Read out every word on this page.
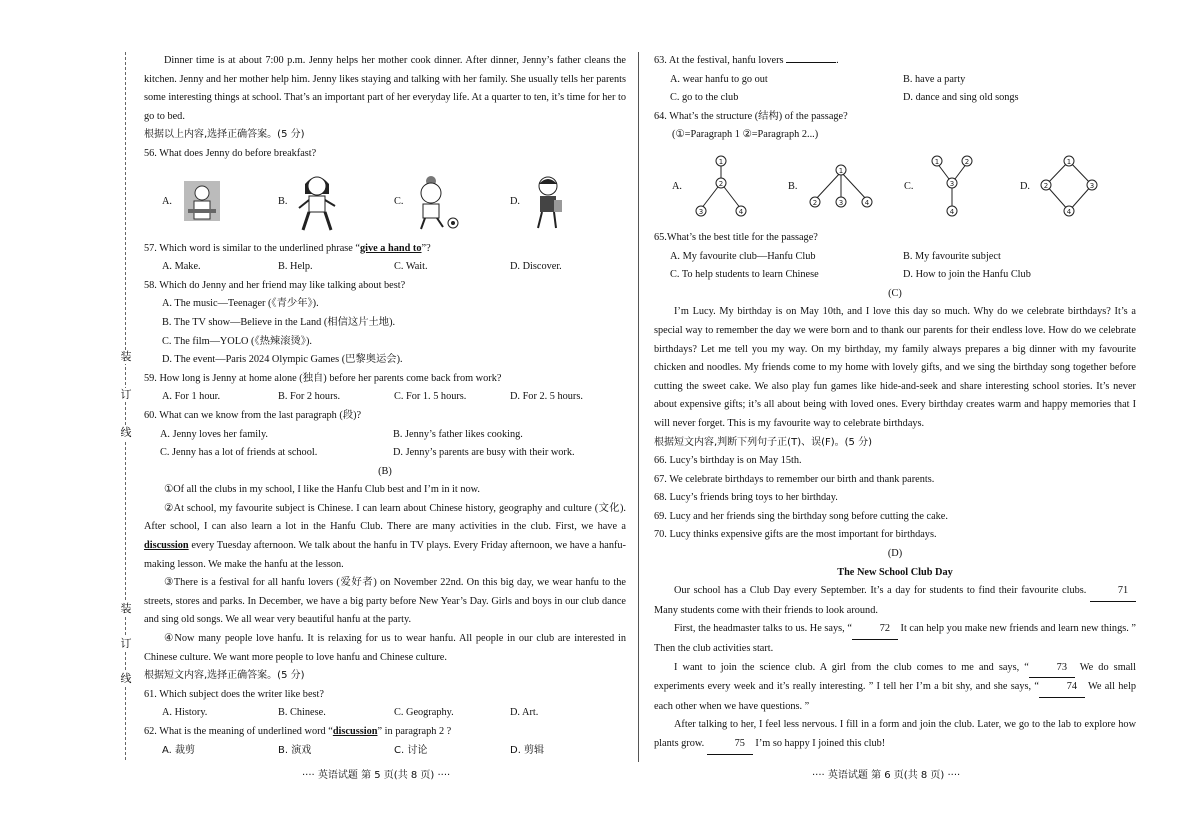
装
订
线
装
订
线

Dinner time is at about 7:00 p.m. Jenny helps her mother cook dinner. After dinner, Jenny’s father cleans the kitchen. Jenny and her mother help him. Jenny likes staying and talking with her family. She usually tells her parents some interesting things at school. That’s an important part of her everyday life. At a quarter to ten, it’s time for her to go to bed.

根据以上内容,选择正确答案。(5 分)

56. What does Jenny do before breakfast?

A.	B.	C.	D.

57. Which word is similar to the underlined phrase “give a hand to”?

A. Make.	B. Help.	C. Wait.	D. Discover.

58. Which do Jenny and her friend may like talking about best?

A. The music—Teenager (《青少年》).

B. The TV show—Believe in the Land (相信这片土地).

C. The film—YOLO (《热辣滚烫》).

D. The event—Paris 2024 Olympic Games (巴黎奥运会).

59. How long is Jenny at home alone (独自) before her parents come back from work?

A. For 1 hour.	B. For 2 hours.	C. For 1. 5 hours.	D. For 2. 5 hours.

60. What can we know from the last paragraph (段)?

A. Jenny loves her family.	B. Jenny’s father likes cooking.
C. Jenny has a lot of friends at school.	D. Jenny’s parents are busy with their work.

(B)

①Of all the clubs in my school, I like the Hanfu Club best and I’m in it now.

②At school, my favourite subject is Chinese. I can learn about Chinese history, geography and culture (文化). After school, I can also learn a lot in the Hanfu Club. There are many activities in the club. First, we have a discussion every Tuesday afternoon. We talk about the hanfu in TV plays. Every Friday afternoon, we have a hanfu-making lesson. We make the hanfu at the lesson.

③There is a festival for all hanfu lovers (爱好者) on November 22nd. On this big day, we wear hanfu to the streets, stores and parks. In December, we have a big party before New Year’s Day. Girls and boys in our club dance and sing old songs. We all wear very beautiful hanfu at the party.

④Now many people love hanfu. It is relaxing for us to wear hanfu. All people in our club are interested in Chinese culture. We want more people to love hanfu and Chinese culture.

根据短文内容,选择正确答案。(5 分)

61. Which subject does the writer like best?

A. History.	B. Chinese.	C. Geography.	D. Art.

62. What is the meaning of underlined word “discussion” in paragraph 2 ?

A. 裁剪	B. 演戏	C. 讨论	D. 剪辑

63. At the festival, hanfu lovers	.

A. wear hanfu to go out	B. have a party
C. go to the club	D. dance and sing old songs

64. What’s the structure (结构) of the passage?

(①=Paragraph 1 ②=Paragraph 2...)

A.
1
2
3	4
B.
1
2	3	4
C.
1	2
3
4
D.
1
2	3
4

65.What’s the best title for the passage?

A. My favourite club—Hanfu Club	B. My favourite subject
C. To help students to learn Chinese	D. How to join the Hanfu Club

(C)

I’m Lucy. My birthday is on May 10th, and I love this day so much. Why do we celebrate birthdays? It’s a special way to remember the day we were born and to thank our parents for their endless love. How do we celebrate birthdays? Let me tell you my way. On my birthday, my family always prepares a big dinner with my favourite chicken and noodles. My friends come to my home with lovely gifts, and we sing the birthday song together before cutting the sweet cake. We also play fun games like hide-and-seek and share interesting school stories. It’s never about expensive gifts; it’s all about being with loved ones. Every birthday creates warm and happy memories that I will never forget. This is my favourite way to celebrate birthdays.

根据短文内容,判断下列句子正(T)、误(F)。(5 分)

66. Lucy’s birthday is on May 15th.

67. We celebrate birthdays to remember our birth and thank parents.

68. Lucy’s friends bring toys to her birthday.

69. Lucy and her friends sing the birthday song before cutting the cake.

70. Lucy thinks expensive gifts are the most important for birthdays.

(D)

The New School Club Day

Our school has a Club Day every September. It’s a day for students to find their favourite clubs.	71 Many students come with their friends to look around.

First, the headmaster talks to us. He says, “	72 It can help you make new friends and learn new things. ” Then the club activities start.

I want to join the science club. A girl from the club comes to me and says, “	73 We do small experiments every week and it’s really interesting. ” I tell her I’m a bit shy, and she says, “	74 We all help each other when we have questions. ”

After talking to her, I feel less nervous. I fill in a form and join the club. Later, we go to the lab to explore how plants grow.	75 I’m so happy I joined this club!

···· 英语试题 第 5 页(共 8 页) ····	···· 英语试题 第 6 页(共 8 页) ····
